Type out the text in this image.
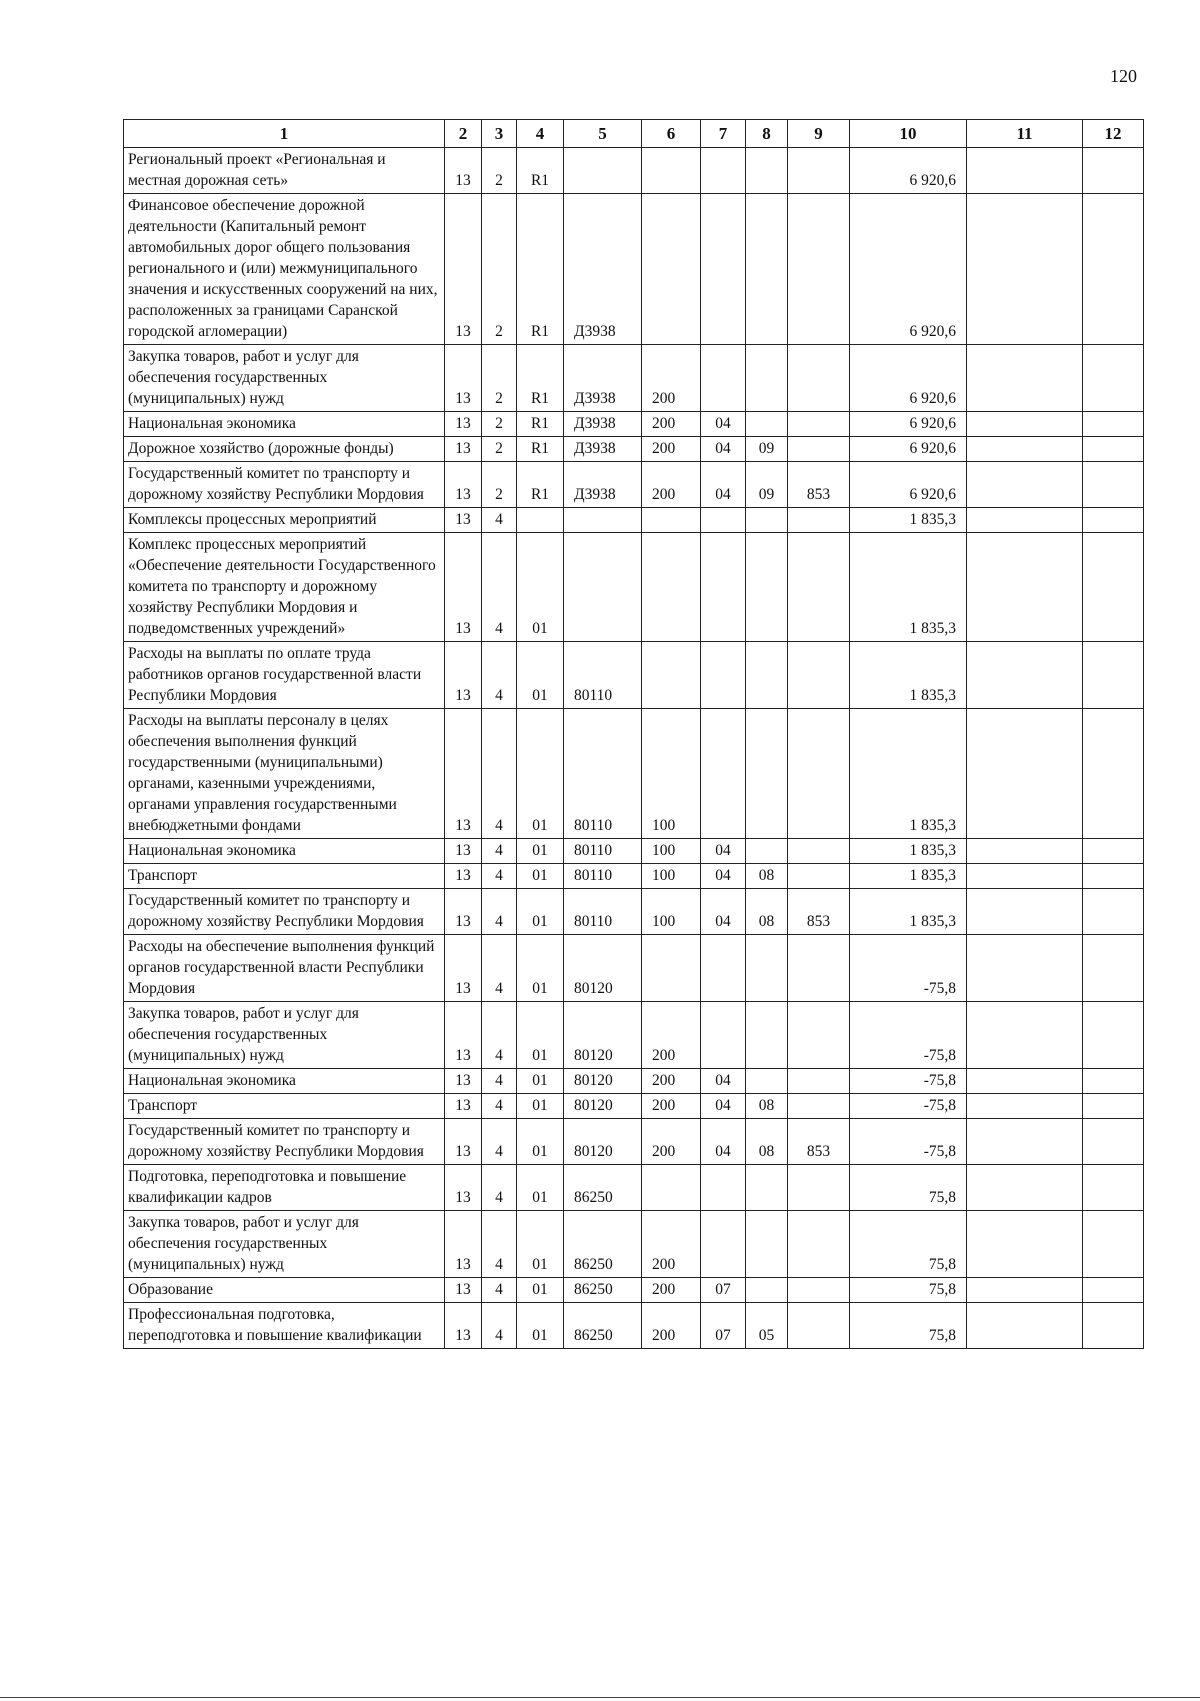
120
1	2	3	4	5	6	7	8	9	10	11	12
Региональный проект «Региональная и местная дорожная сеть»	13	2	R1						6 920,6		
Финансовое обеспечение дорожной деятельности (Капитальный ремонт автомобильных дорог общего пользования регионального и (или) межмуниципального значения и искусственных сооружений на них, расположенных за границами Саранской городской агломерации)	13	2	R1	Д3938					6 920,6		
Закупка товаров, работ и услуг для обеспечения государственных (муниципальных) нужд	13	2	R1	Д3938	200				6 920,6		
Национальная экономика	13	2	R1	Д3938	200	04			6 920,6		
Дорожное хозяйство (дорожные фонды)	13	2	R1	Д3938	200	04	09		6 920,6		
Государственный комитет по транспорту и дорожному хозяйству Республики Мордовия	13	2	R1	Д3938	200	04	09	853	6 920,6		
Комплексы процессных мероприятий	13	4							1 835,3		
Комплекс процессных мероприятий «Обеспечение деятельности Государственного комитета по транспорту и дорожному хозяйству Республики Мордовия и подведомственных учреждений»	13	4	01						1 835,3		
Расходы на выплаты по оплате труда работников органов государственной власти Республики Мордовия	13	4	01	80110					1 835,3		
Расходы на выплаты персоналу в целях обеспечения выполнения функций государственными (муниципальными) органами, казенными учреждениями, органами управления государственными внебюджетными фондами	13	4	01	80110	100				1 835,3		
Национальная экономика	13	4	01	80110	100	04			1 835,3		
Транспорт	13	4	01	80110	100	04	08		1 835,3		
Государственный комитет по транспорту и дорожному хозяйству Республики Мордовия	13	4	01	80110	100	04	08	853	1 835,3		
Расходы на обеспечение выполнения функций органов государственной власти Республики Мордовия	13	4	01	80120					-75,8		
Закупка товаров, работ и услуг для обеспечения государственных (муниципальных) нужд	13	4	01	80120	200				-75,8		
Национальная экономика	13	4	01	80120	200	04			-75,8		
Транспорт	13	4	01	80120	200	04	08		-75,8		
Государственный комитет по транспорту и дорожному хозяйству Республики Мордовия	13	4	01	80120	200	04	08	853	-75,8		
Подготовка, переподготовка и повышение квалификации кадров	13	4	01	86250					75,8		
Закупка товаров, работ и услуг для обеспечения государственных (муниципальных) нужд	13	4	01	86250	200				75,8		
Образование	13	4	01	86250	200	07			75,8		
Профессиональная подготовка, переподготовка и повышение квалификации	13	4	01	86250	200	07	05		75,8		
